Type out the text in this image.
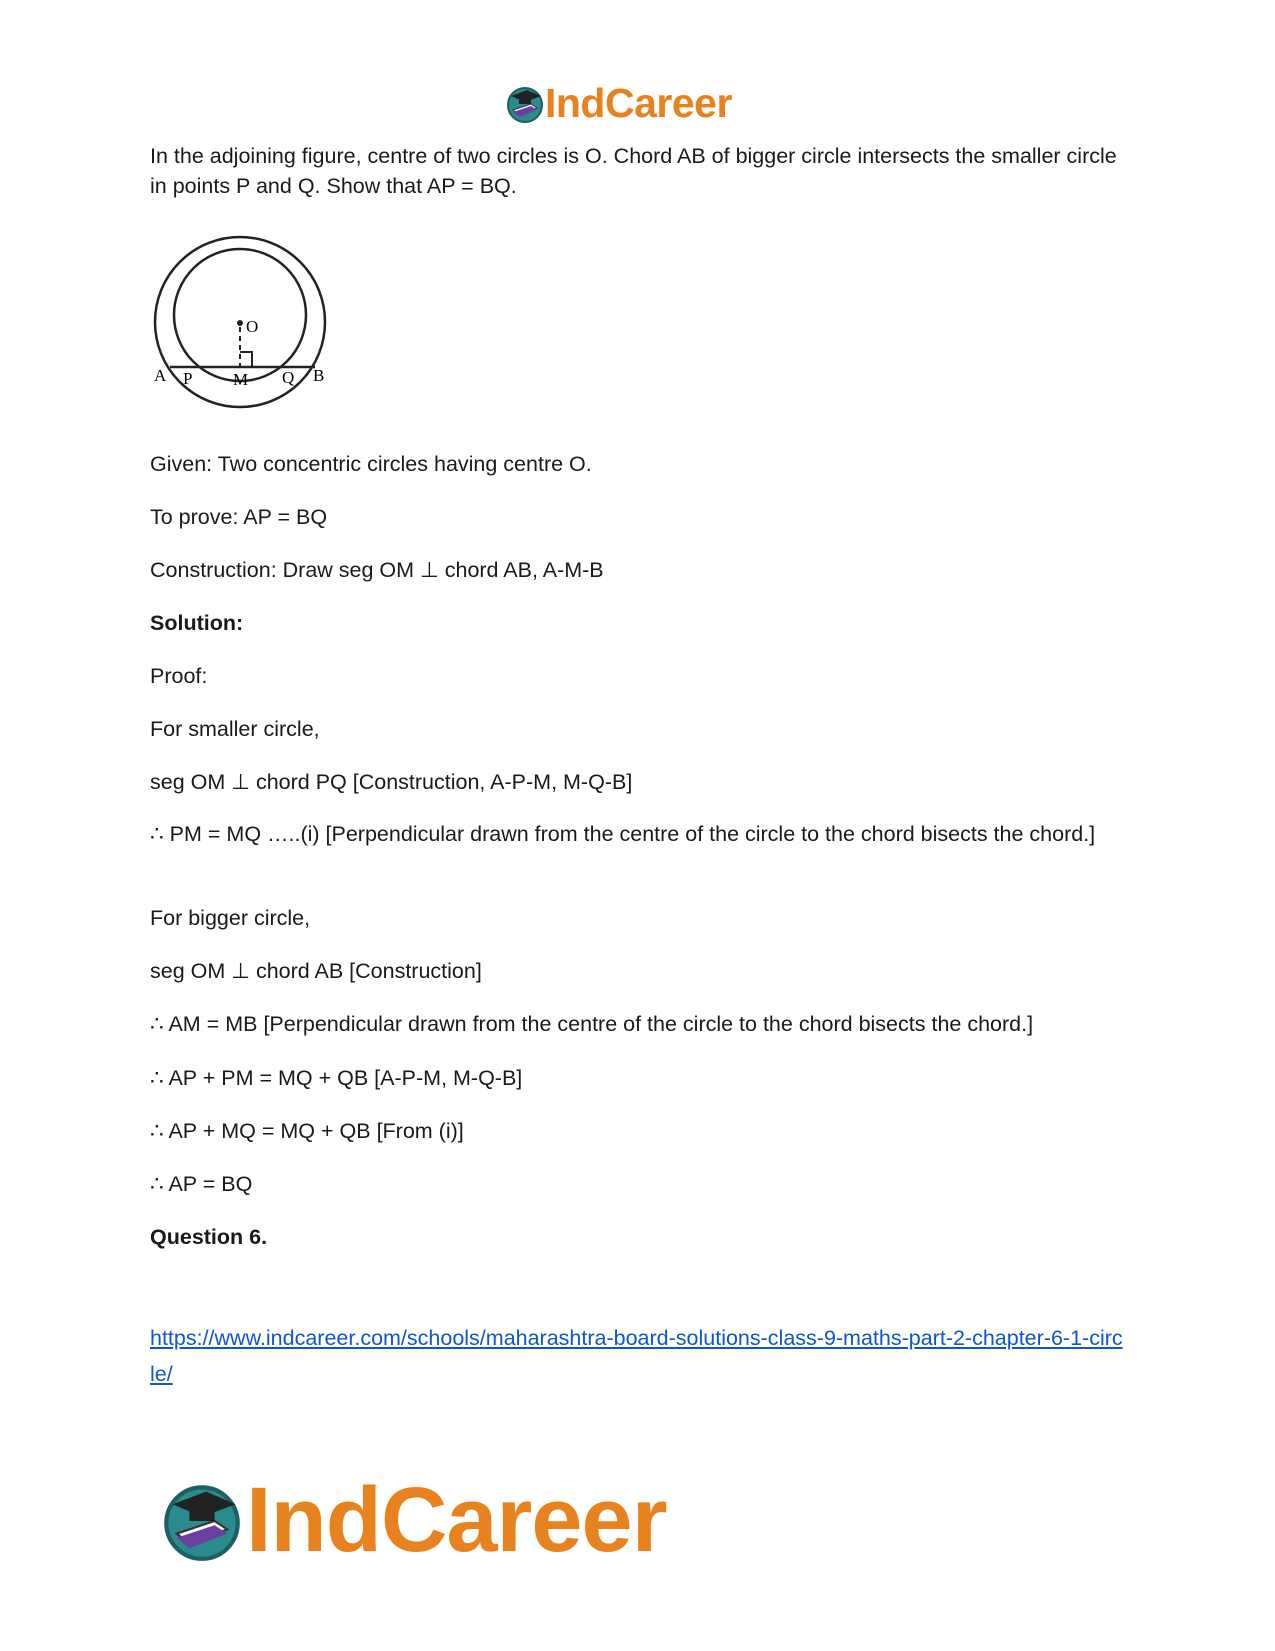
IndCareer

In the adjoining figure, centre of two circles is O. Chord AB of bigger circle intersects the smaller circle in points P and Q. Show that AP = BQ.

O
A P M Q B

Given: Two concentric circles having centre O.

To prove: AP = BQ

Construction: Draw seg OM ⊥ chord AB, A-M-B

Solution:

Proof:

For smaller circle,

seg OM ⊥ chord PQ [Construction, A-P-M, M-Q-B]

∴ PM = MQ …..(i) [Perpendicular drawn from the centre of the circle to the chord bisects the chord.]

For bigger circle,

seg OM ⊥ chord AB [Construction]

∴ AM = MB [Perpendicular drawn from the centre of the circle to the chord bisects the chord.]

∴ AP + PM = MQ + QB [A-P-M, M-Q-B]

∴ AP + MQ = MQ + QB [From (i)]

∴ AP = BQ

Question 6.

https://www.indcareer.com/schools/maharashtra-board-solutions-class-9-maths-part-2-chapter-6-1-circle/

IndCareer
